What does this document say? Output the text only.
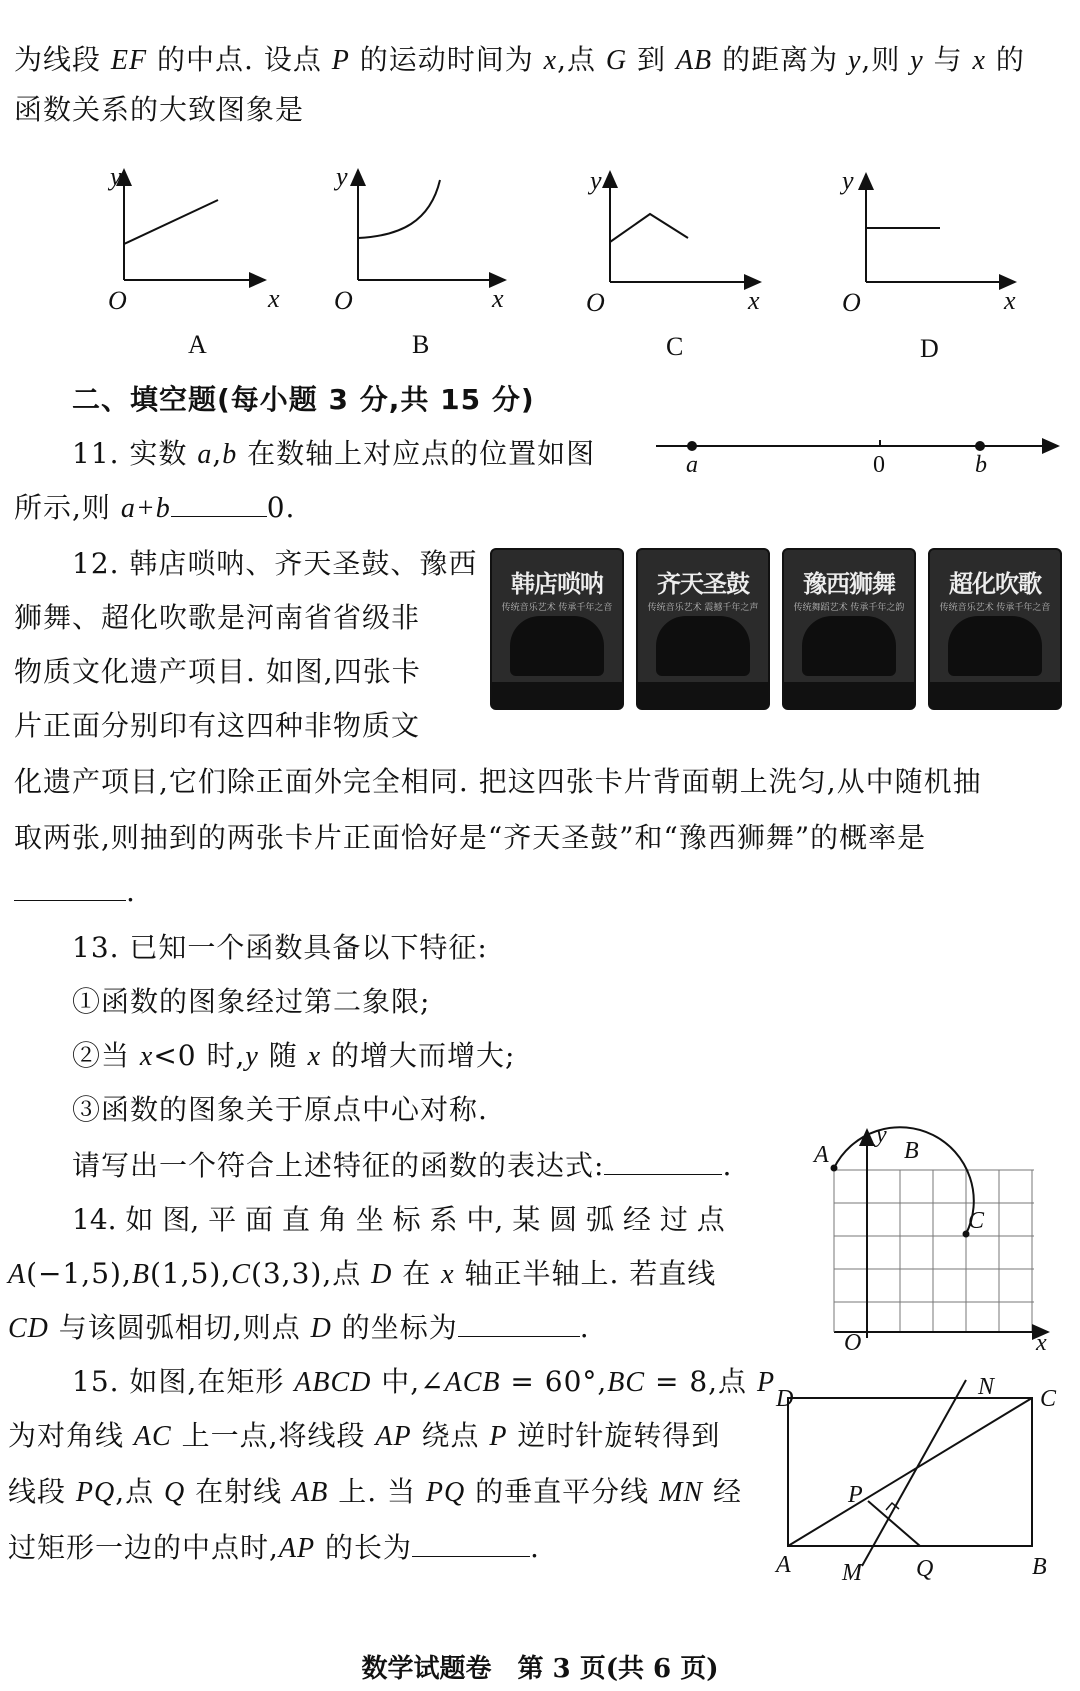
为线段 EF 的中点. 设点 P 的运动时间为 x,点 G 到 AB 的距离为 y,则 y 与 x 的
函数关系的大致图象是
y
O	x
A
y
O	x
B
y
O	x
C
y
O	x
D
二、填空题(每小题 3 分,共 15 分)
11. 实数 a,b 在数轴上对应点的位置如图
所示,则 a+b	0.
a	0	b
12. 韩店唢呐、齐天圣鼓、豫西
狮舞、超化吹歌是河南省省级非
物质文化遗产项目. 如图,四张卡
片正面分别印有这四种非物质文
化遗产项目,它们除正面外完全相同. 把这四张卡片背面朝上洗匀,从中随机抽
取两张,则抽到的两张卡片正面恰好是“齐天圣鼓”和“豫西狮舞”的概率是
.
韩店唢呐
传统音乐艺术 传承千年之音
齐天圣鼓
传统音乐艺术 震撼千年之声
豫西狮舞
传统舞蹈艺术 传承千年之韵
超化吹歌
传统音乐艺术 传承千年之音
13. 已知一个函数具备以下特征:
①函数的图象经过第二象限;
②当 x<0 时,y 随 x 的增大而增大;
③函数的图象关于原点中心对称.
请写出一个符合上述特征的函数的表达式:	.
14. 如 图, 平 面 直 角 坐 标 系 中, 某 圆 弧 经 过 点
A(−1,5),B(1,5),C(3,3),点 D 在 x 轴正半轴上. 若直线
CD 与该圆弧相切,则点 D 的坐标为	.
y
A	B
C
O	x
15. 如图,在矩形 ABCD 中,∠ACB = 60°,BC = 8,点 P
为对角线 AC 上一点,将线段 AP 绕点 P 逆时针旋转得到
线段 PQ,点 Q 在射线 AB 上. 当 PQ 的垂直平分线 MN 经
过矩形一边的中点时,AP 的长为	.
D	N C
P
A M Q	B
数学试题卷　第 3 页(共 6 页)
